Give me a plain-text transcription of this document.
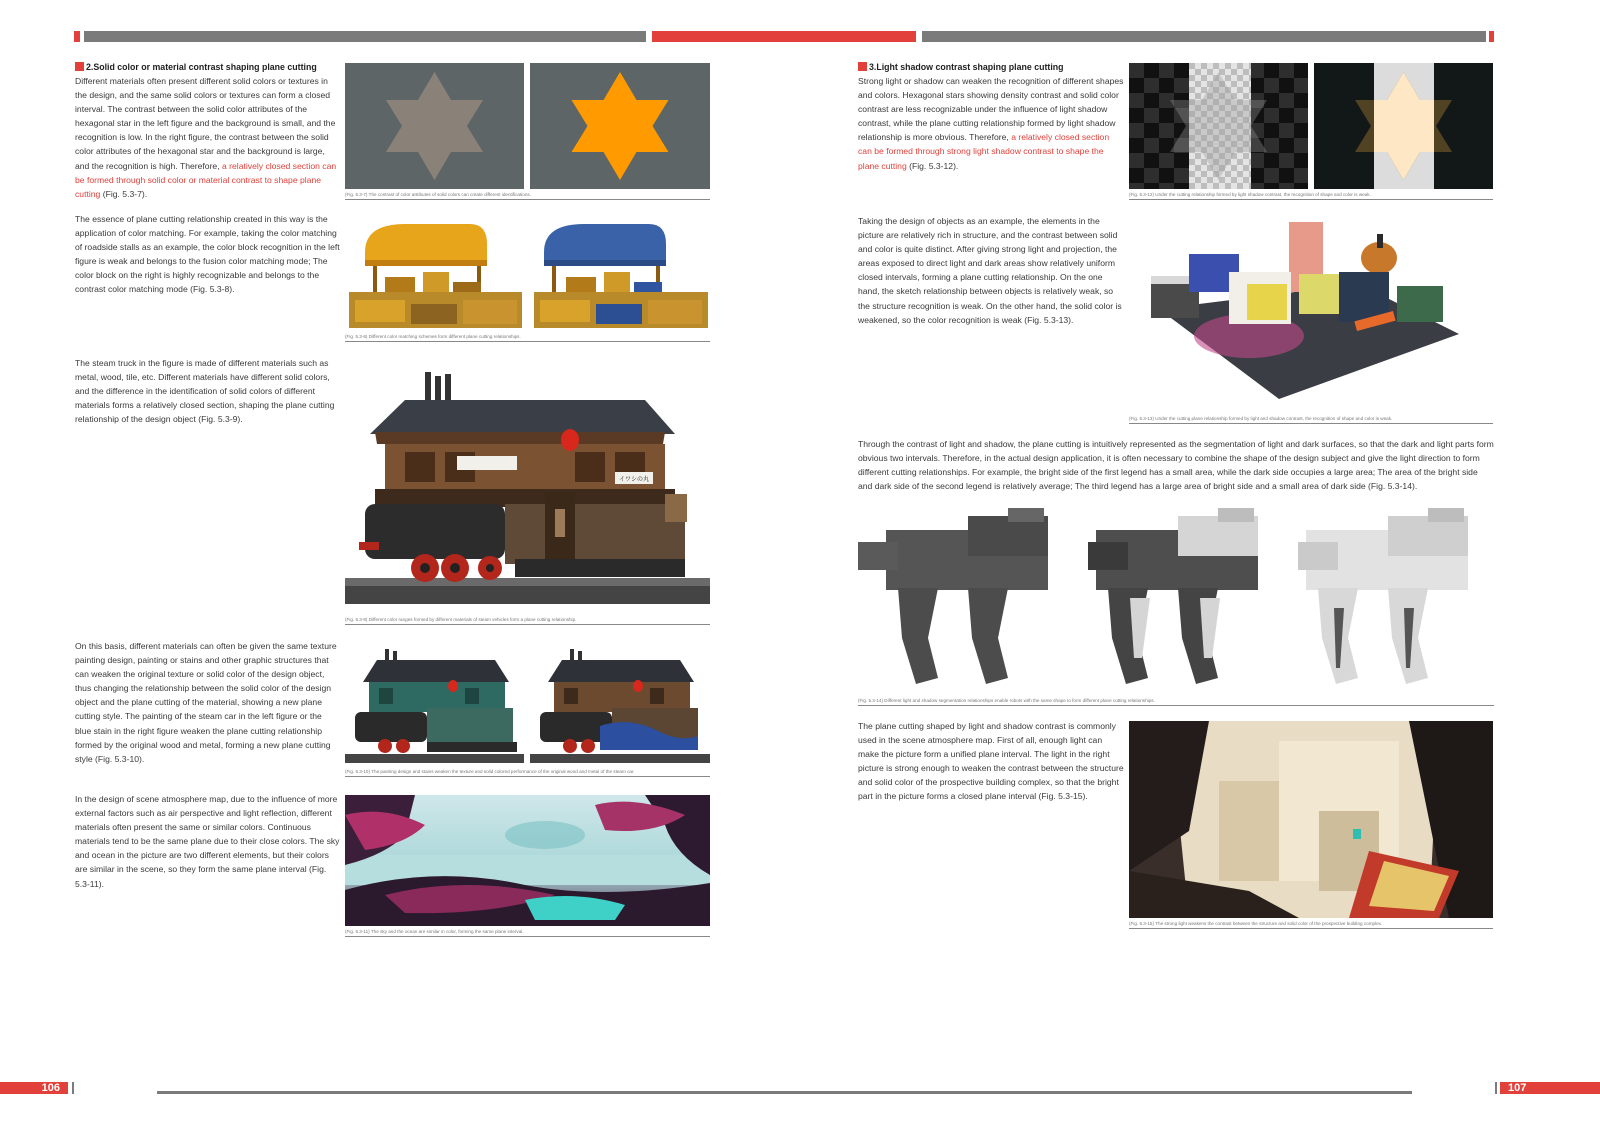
2.Solid color or material contrast shaping plane cutting
Different materials often present different solid colors or textures in the design, and the same solid colors or textures can form a closed interval. The contrast between the solid color attributes of the hexagonal star in the left figure and the background is small, and the recognition is low. In the right figure, the contrast between the solid color attributes of the hexagonal star and the background is large, and the recognition is high. Therefore, a relatively closed section can be formed through solid color or material contrast to shape plane cutting (Fig. 5.3-7).	(Fig. 5.3-7) The contrast of color attributes of solid colors can create different identifications.
The essence of plane cutting relationship created in this way is the application of color matching. For example, taking the color matching of roadside stalls as an example, the color block recognition in the left figure is weak and belongs to the fusion color matching mode; The color block on the right is highly recognizable and belongs to the contrast color matching mode (Fig. 5.3-8).
(Fig. 5.3-8) Different color matching schemes form different plane cutting relationships.
The steam truck in the figure is made of different materials such as metal, wood, tile, etc. Different materials have different solid colors, and the difference in the identification of solid colors of different materials forms a relatively closed section, shaping the plane cutting relationship of the design object (Fig. 5.3-9).
イワシの丸
(Fig. 5.3-9) Different color ranges formed by different materials of steam vehicles form a plane cutting relationship.
On this basis, different materials can often be given the same texture painting design, painting or stains and other graphic structures that can weaken the original texture or solid color of the design object, thus changing the relationship between the solid color of the design object and the plane cutting of the material, showing a new plane cutting style. The painting of the steam car in the left figure or the blue stain in the right figure weaken the plane cutting relationship formed by the original wood and metal, forming a new plane cutting style (Fig. 5.3-10).
(Fig. 5.3-10) The painting design and stains weaken the texture and solid colored performance of the original wood and metal of the steam car.
In the design of scene atmosphere map, due to the influence of more external factors such as air perspective and light reflection, different materials often present the same or similar colors. Continuous materials tend to be the same plane due to their close colors. The sky and ocean in the picture are two different elements, but their colors are similar in the scene, so they form the same plane interval (Fig. 5.3-11).
(Fig. 5.3-11) The sky and the ocean are similar in color, forming the same plane interval.
3.Light shadow contrast shaping plane cutting
Strong light or shadow can weaken the recognition of different shapes and colors. Hexagonal stars showing density contrast and solid color contrast are less recognizable under the influence of light shadow contrast, while the plane cutting relationship formed by light shadow relationship is more obvious. Therefore, a relatively closed section can be formed through strong light shadow contrast to shape the plane cutting (Fig. 5.3-12).
(Fig. 5.3-12) Under the cutting relationship formed by light shadow contrast, the recognition of shape and color is weak.
Taking the design of objects as an example, the elements in the picture are relatively rich in structure, and the contrast between solid and color is quite distinct. After giving strong light and projection, the areas exposed to direct light and dark areas show relatively uniform closed intervals, forming a plane cutting relationship. On the one hand, the sketch relationship between objects is relatively weak, so the structure recognition is weak. On the other hand, the solid color is weakened, so the color recognition is weak (Fig. 5.3-13).
(Fig. 5.3-13) Under the cutting plane relationship formed by light and shadow contrast, the recognition of shape and color is weak.
Through the contrast of light and shadow, the plane cutting is intuitively represented as the segmentation of light and dark surfaces, so that the dark and light parts form obvious two intervals. Therefore, in the actual design application, it is often necessary to combine the shape of the design subject and give the light direction to form different cutting relationships. For example, the bright side of the first legend has a small area, while the dark side occupies a large area; The area of the bright side and dark side of the second legend is relatively average; The third legend has a large area of bright side and a small area of dark side (Fig. 5.3-14).
(Fig. 5.3-14) Different light and shadow segmentation relationships enable robots with the same shape to form different plane cutting relationships.
The plane cutting shaped by light and shadow contrast is commonly used in the scene atmosphere map. First of all, enough light can make the picture form a unified plane interval. The light in the right picture is strong enough to weaken the contrast between the structure and solid color of the prospective building complex, so that the bright part in the picture forms a closed plane interval (Fig. 5.3-15).
(Fig. 5.3-15) The strong light weakens the contrast between the structure and solid color of the prospective building complex.
106	107
